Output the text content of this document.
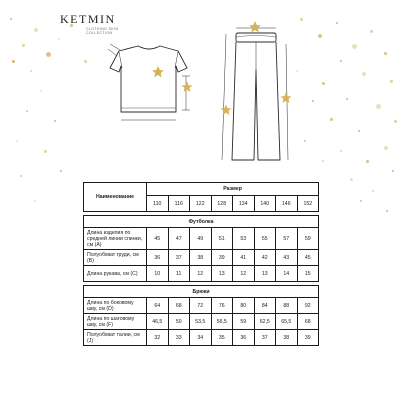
KETMIN
CLOTHING SKIN
COLLECTION
Наименование	Размер							
	110	116	122	128	134	140	146	152

Футболка								
Длина изделия по средней линии спинки, см (А)	45	47	49	51	53	55	57	59
Полуобхват груди, см (В)	36	37	38	39	41	42	43	45
Длина рукава, см (С)	10	11	12	13	12	13	14	15

Брюки								
Длина по боковому шву, см (D)	64	68	72	76	80	84	88	92
Длина по шаговому шву, см (F)	46,5	50	53,5	56,5	59	62,5	65,5	68
Полуобхват талии, см (J)	32	33	34	35	36	37	38	39
